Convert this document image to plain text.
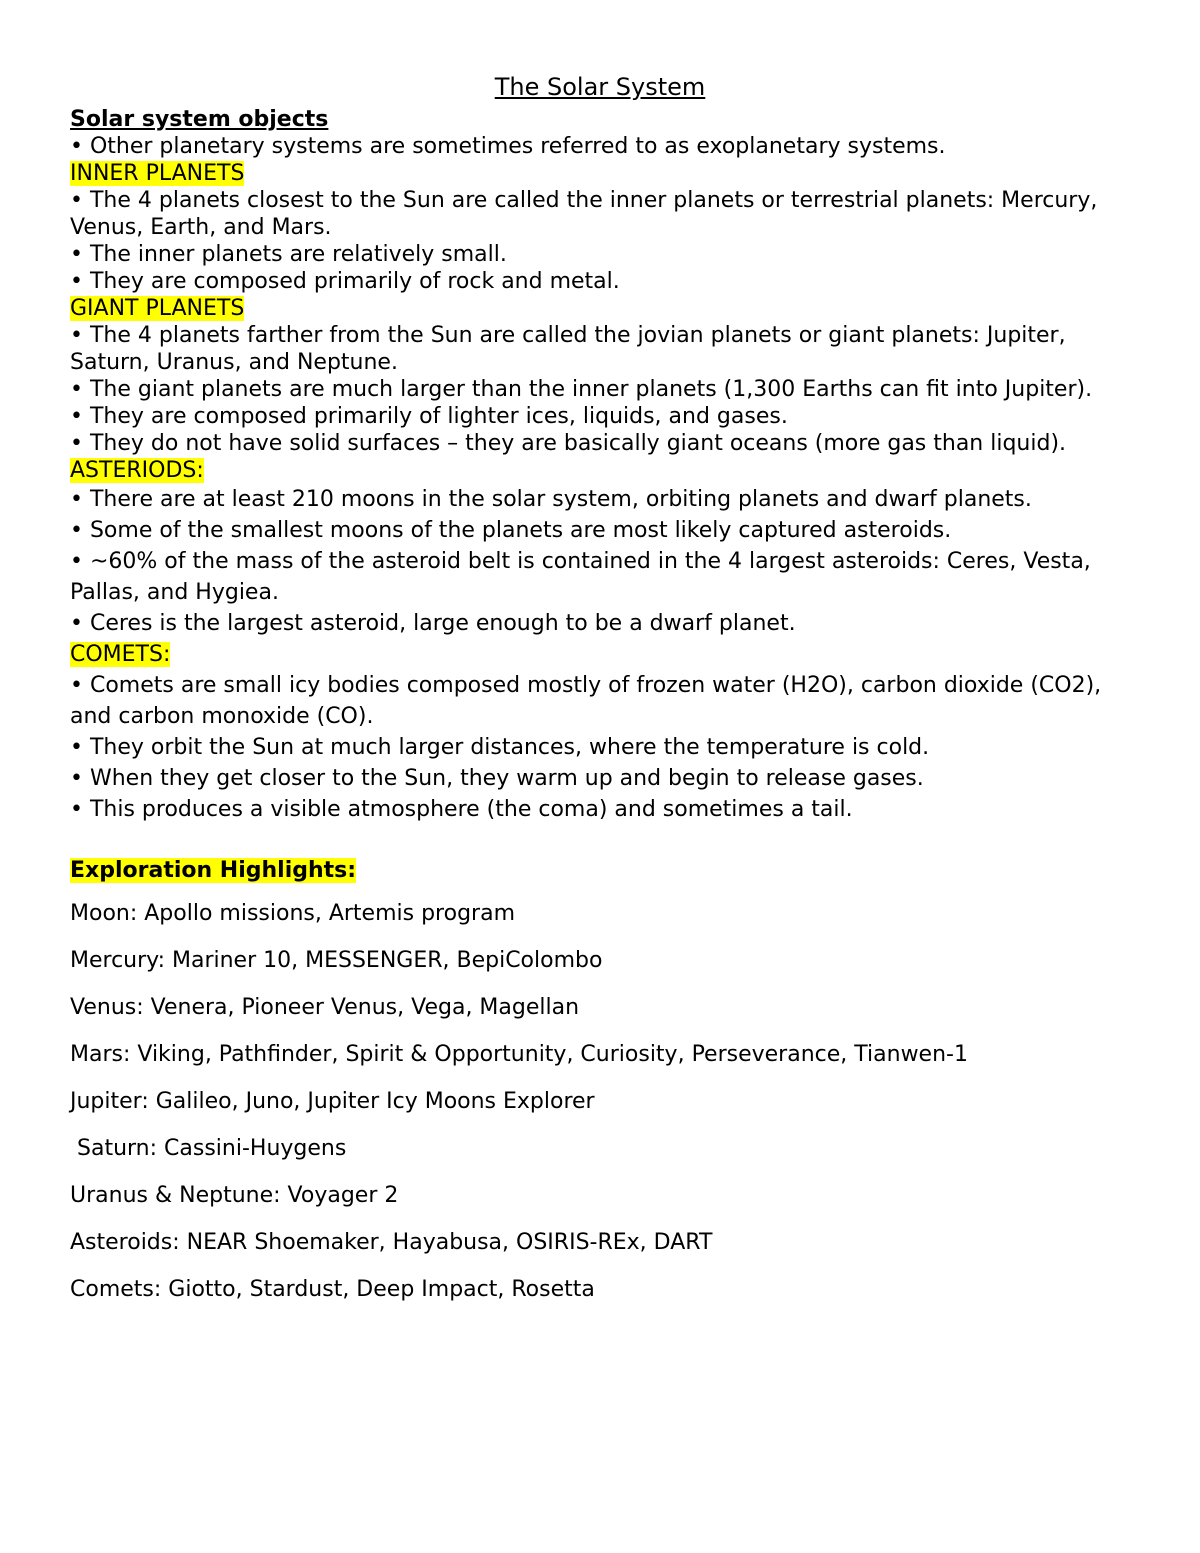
The Solar System
Solar system objects
• Other planetary systems are sometimes referred to as exoplanetary systems.
INNER PLANETS
• The 4 planets closest to the Sun are called the inner planets or terrestrial planets: Mercury, Venus, Earth, and Mars.
• The inner planets are relatively small.
• They are composed primarily of rock and metal.
GIANT PLANETS
• The 4 planets farther from the Sun are called the jovian planets or giant planets: Jupiter, Saturn, Uranus, and Neptune.
• The giant planets are much larger than the inner planets (1,300 Earths can fit into Jupiter).
• They are composed primarily of lighter ices, liquids, and gases.
• They do not have solid surfaces – they are basically giant oceans (more gas than liquid).
ASTERIODS:
• There are at least 210 moons in the solar system, orbiting planets and dwarf planets.
• Some of the smallest moons of the planets are most likely captured asteroids.
• ~60% of the mass of the asteroid belt is contained in the 4 largest asteroids: Ceres, Vesta, Pallas, and Hygiea.
• Ceres is the largest asteroid, large enough to be a dwarf planet.
COMETS:
• Comets are small icy bodies composed mostly of frozen water (H2O), carbon dioxide (CO2), and carbon monoxide (CO).
• They orbit the Sun at much larger distances, where the temperature is cold.
• When they get closer to the Sun, they warm up and begin to release gases.
• This produces a visible atmosphere (the coma) and sometimes a tail.
Exploration Highlights:
Moon: Apollo missions, Artemis program
Mercury: Mariner 10, MESSENGER, BepiColombo
Venus: Venera, Pioneer Venus, Vega, Magellan
Mars: Viking, Pathfinder, Spirit & Opportunity, Curiosity, Perseverance, Tianwen-1
Jupiter: Galileo, Juno, Jupiter Icy Moons Explorer
Saturn: Cassini-Huygens
Uranus & Neptune: Voyager 2
Asteroids: NEAR Shoemaker, Hayabusa, OSIRIS-REx, DART
Comets: Giotto, Stardust, Deep Impact, Rosetta
